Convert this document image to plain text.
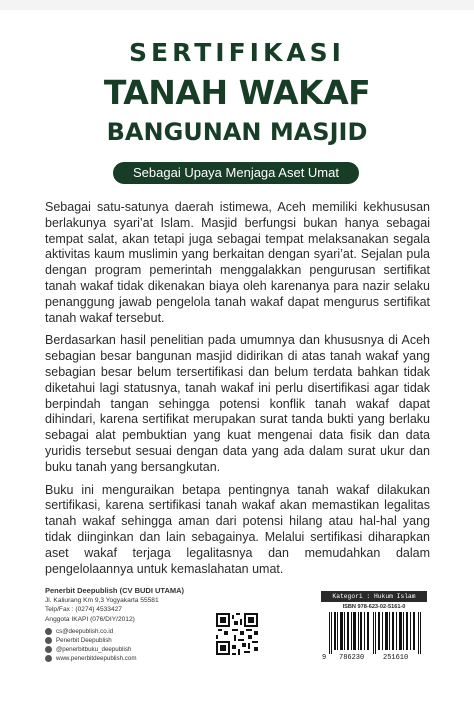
SERTIFIKASI
TANAH WAKAF
BANGUNAN MASJID
Sebagai Upaya Menjaga Aset Umat

Sebagai satu-satunya daerah istimewa, Aceh memiliki kekhususan berlakunya syari’at Islam. Masjid berfungsi bukan hanya sebagai tempat salat, akan tetapi juga sebagai tempat melaksanakan segala aktivitas kaum muslimin yang berkaitan dengan syari’at. Sejalan pula dengan program pemerintah menggalakkan pengurusan sertifikat tanah wakaf tidak dikenakan biaya oleh karenanya para nazir selaku penanggung jawab pengelola tanah wakaf dapat mengurus sertifikat tanah wakaf tersebut.

Berdasarkan hasil penelitian pada umumnya dan khususnya di Aceh sebagian besar bangunan masjid didirikan di atas tanah wakaf yang sebagian besar belum tersertifikasi dan belum terdata bahkan tidak diketahui lagi statusnya, tanah wakaf ini perlu disertifikasi agar tidak berpindah tangan sehingga potensi konflik tanah wakaf dapat dihindari, karena sertifikat merupakan surat tanda bukti yang berlaku sebagai alat pembuktian yang kuat mengenai data fisik dan data yuridis tersebut sesuai dengan data yang ada dalam surat ukur dan buku tanah yang bersangkutan.

Buku ini menguraikan betapa pentingnya tanah wakaf dilakukan sertifikasi, karena sertifikasi tanah wakaf akan memastikan legalitas tanah wakaf sehingga aman dari potensi hilang atau hal-hal yang tidak diinginkan dan lain sebagainya. Melalui sertifikasi diharapkan aset wakaf terjaga legalitasnya dan memudahkan dalam pengelolaannya untuk kemaslahatan umat.

Penerbit Deepublish (CV BUDI UTAMA)
Jl. Kaliurang Km 9,3 Yogyakarta 55581
Telp/Fax : (0274) 4533427
Anggota IKAPI (076/DIY/2012)
cs@deepublish.co.id
Penerbit Deepublish
@penerbitbuku_deepublish
www.penerbitdeepublish.com
Kategori : Hukum Islam
ISBN 978-623-02-5161-0
9 786230	251610
